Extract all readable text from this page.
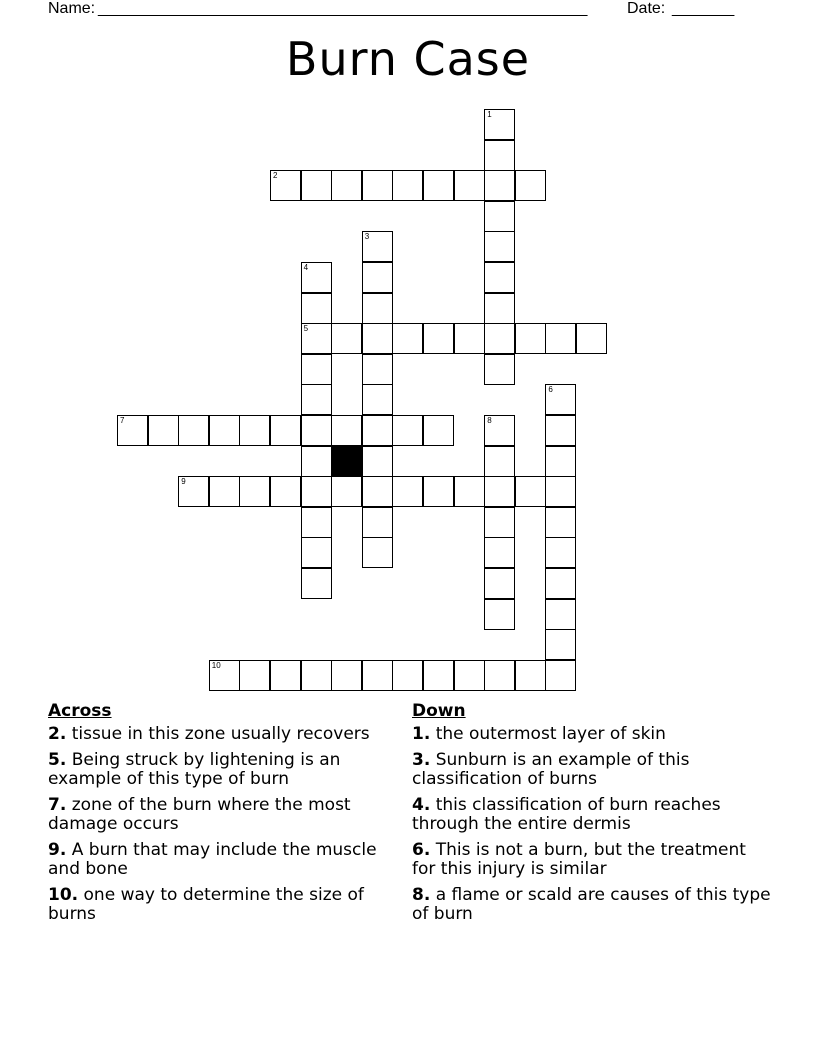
Name: _______________________________________________________ Date: _______
Burn Case
1
2
3
4
5
6
7	8
9
10
Across
2. tissue in this zone usually recovers
5. Being struck by lightening is an example of this type of burn
7. zone of the burn where the most damage occurs
9. A burn that may include the muscle and bone
10. one way to determine the size of burns
Down
1. the outermost layer of skin
3. Sunburn is an example of this classification of burns
4. this classification of burn reaches through the entire dermis
6. This is not a burn, but the treatment for this injury is similar
8. a flame or scald are causes of this type of burn
